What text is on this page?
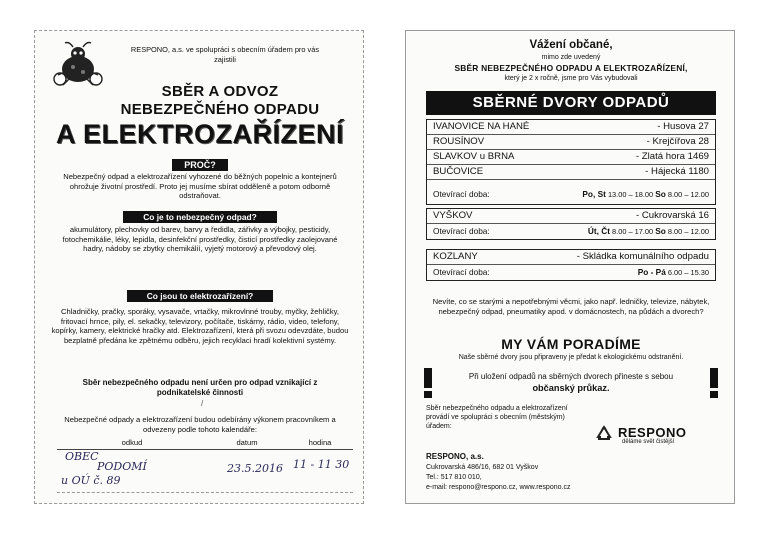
RESPONO, a.s. ve spolupráci s obecním úřadem pro vás zajistili
SBĚR A ODVOZ
NEBEZPEČNÉHO ODPADU
A ELEKTROZAŘÍZENÍ
PROČ?
Nebezpečný odpad a elektrozařízení vyhozené do běžných popelnic a kontejnerů ohrožuje životní prostředí. Proto jej musíme sbírat odděleně a potom odborně odstraňovat.
Co je to nebezpečný odpad?
akumulátory, plechovky od barev, barvy a ředidla, zářivky a výbojky, pesticidy, fotochemikálie, léky, lepidla, desinfekční prostředky, čisticí prostředky zaolejované hadry, nádoby se zbytky chemikálií, vyjetý motorový a převodový olej.
Co jsou to elektrozařízení?
Chladničky, pračky, sporáky, vysavače, vrtačky, mikrovlnné trouby, myčky, žehličky, fritovací hrnce, pily, el. sekačky, televizory, počítače, tiskárny, rádio, video, telefony, kopírky, kamery, elektrické hračky atd. Elektrozařízení, která při svozu odevzdáte, budou bezplatně předána ke zpětnému odběru, jejich recyklaci hradí kolektivní systémy.
Sběr nebezpečného odpadu není určen pro odpad vznikající z podnikatelské činnosti
/
Nebezpečné odpady a elektrozařízení budou odebírány výkonem pracovníkem a odvezeny podle tohoto kalendáře:
odkud	datum	hodina
OBEC
PODOMÍ
u OÚ č. 89
23.5.2016 11 - 11 30
Vážení občané,
mimo zde uvedený
SBĚR NEBEZPEČNÉHO ODPADU A ELEKTROZAŘÍZENÍ,
který je 2 x ročně, jsme pro Vás vybudovali
SBĚRNÉ DVORY ODPADŮ
IVANOVICE NA HANÉ	- Husova 27
ROUSÍNOV	- Krejčířova 28
SLAVKOV u BRNA	- Zlatá hora 1469
BUČOVICE	- Hájecká 1180
Otevírací doba:	Po, St 13.00 – 18.00 So 8.00 – 12.00
VYŠKOV	- Cukrovarská 16
Otevírací doba:	Út, Čt 8.00 – 17.00 So 8.00 – 12.00
KOZLANY	- Skládka komunálního odpadu
Otevírací doba:	Po - Pá 6.00 – 15.30
Nevíte, co se starými a nepotřebnými věcmi, jako např. ledničky, televize, nábytek, nebezpečný odpad, pneumatiky apod. v domácnostech, na půdách a dvorech?
MY VÁM PORADÍME
Naše sběrné dvory jsou připraveny je předat k ekologickému odstranění.
Při uložení odpadů na sběrných dvorech přineste s sebou
občanský průkaz.
Sběr nebezpečného odpadu a elektrozařízení provádí ve spolupráci s obecním (městským) úřadem:	RESPONO
děláme svět čistější
RESPONO, a.s.
Cukrovarská 486/16, 682 01 Vyškov
Tel.: 517 810 010,
e-mail: respono@respono.cz, www.respono.cz
